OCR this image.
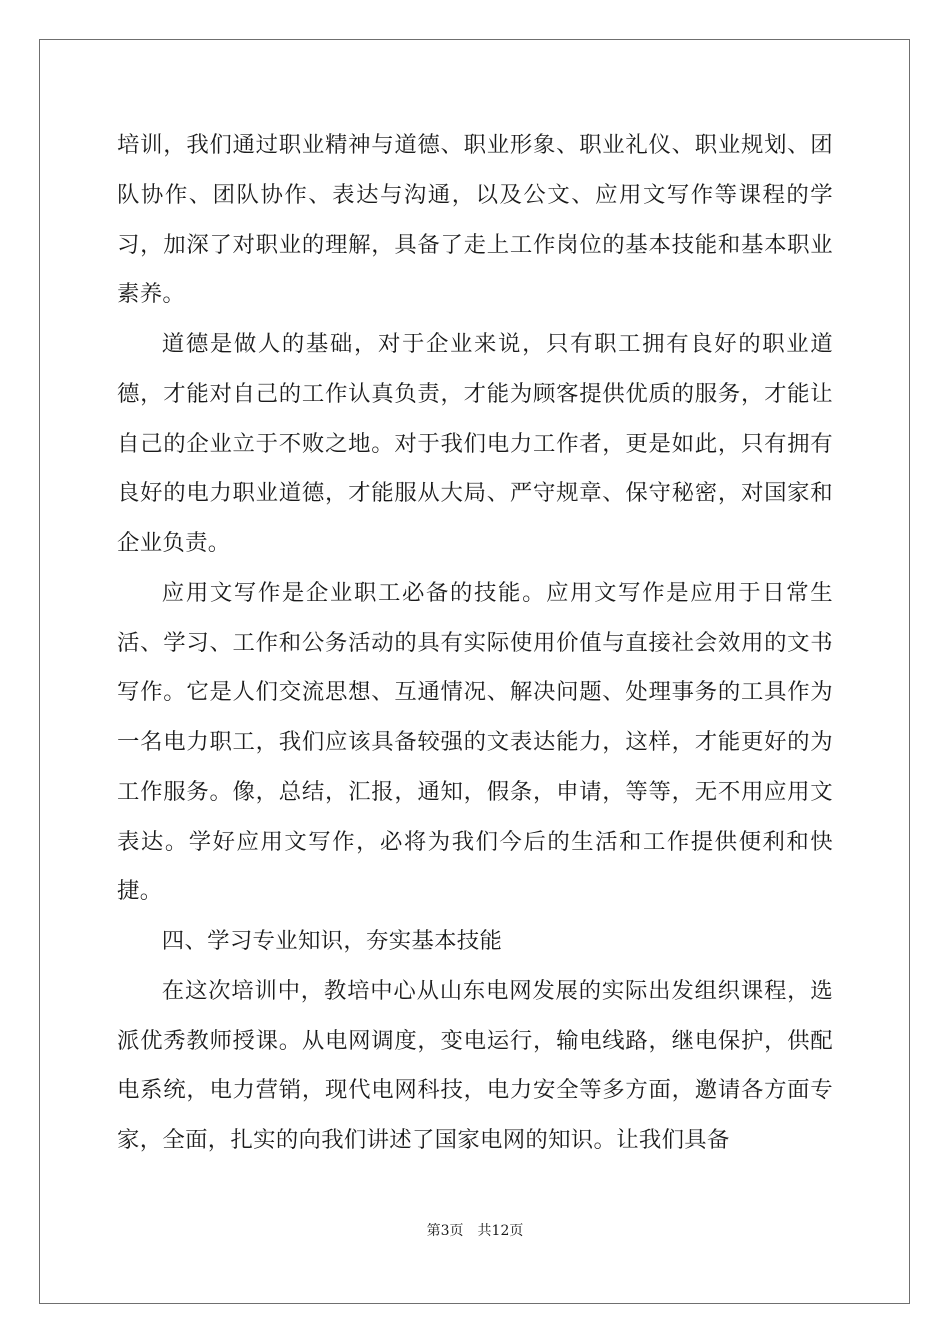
培训，我们通过职业精神与道德、职业形象、职业礼仪、职业规划、团队协作、团队协作、表达与沟通，以及公文、应用文写作等课程的学习，加深了对职业的理解，具备了走上工作岗位的基本技能和基本职业素养。

道德是做人的基础，对于企业来说，只有职工拥有良好的职业道德，才能对自己的工作认真负责，才能为顾客提供优质的服务，才能让自己的企业立于不败之地。对于我们电力工作者，更是如此，只有拥有良好的电力职业道德，才能服从大局、严守规章、保守秘密，对国家和企业负责。

应用文写作是企业职工必备的技能。应用文写作是应用于日常生活、学习、工作和公务活动的具有实际使用价值与直接社会效用的文书写作。它是人们交流思想、互通情况、解决问题、处理事务的工具作为一名电力职工，我们应该具备较强的文表达能力，这样，才能更好的为工作服务。像，总结，汇报，通知，假条，申请，等等，无不用应用文表达。学好应用文写作，必将为我们今后的生活和工作提供便利和快捷。

四、学习专业知识，夯实基本技能

在这次培训中，教培中心从山东电网发展的实际出发组织课程，选派优秀教师授课。从电网调度，变电运行，输电线路，继电保护，供配电系统，电力营销，现代电网科技，电力安全等多方面，邀请各方面专家，全面，扎实的向我们讲述了国家电网的知识。让我们具备

第3页 共12页
